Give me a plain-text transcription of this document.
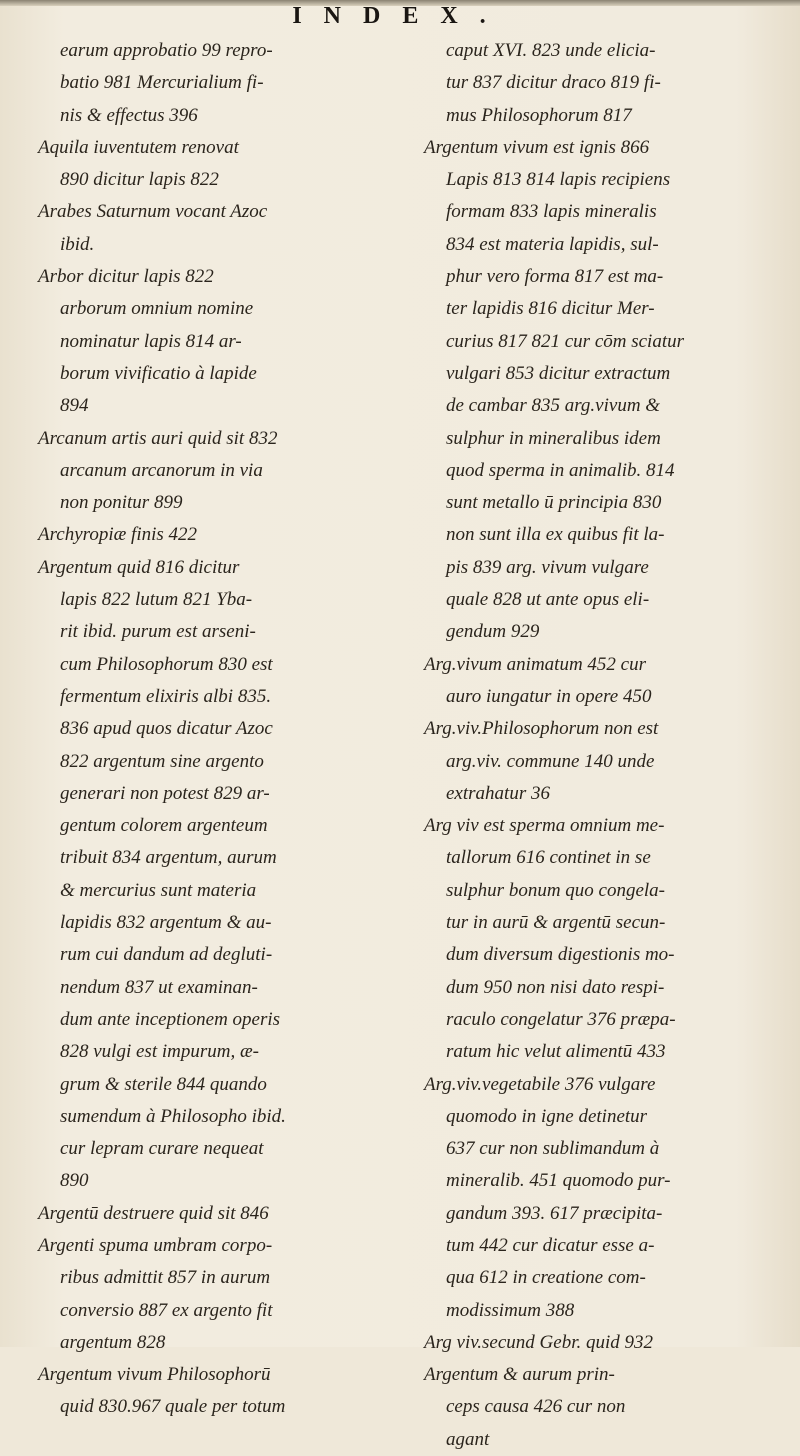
INDEX.
earum approbatio 99 repro-
batio 981 Mercurialium fi-
nis & effectus 396
Aquila iuventutem renovat
890 dicitur lapis 822
Arabes Saturnum vocant Azoc
ibid.
Arbor dicitur lapis 822
arborum omnium nomine
nominatur lapis 814 ar-
borum vivificatio à lapide
894
Arcanum artis auri quid sit 832
arcanum arcanorum in via
non ponitur 899
Archyropiæ finis 422
Argentum quid 816 dicitur
lapis 822 lutum 821 Yba-
rit ibid. purum est arseni-
cum Philosophorum 830 est
fermentum elixiris albi 835.
836 apud quos dicatur Azoc
822 argentum sine argento
generari non potest 829 ar-
gentum colorem argenteum
tribuit 834 argentum, aurum
& mercurius sunt materia
lapidis 832 argentum & au-
rum cui dandum ad degluti-
nendum 837 ut examinan-
dum ante inceptionem operis
828 vulgi est impurum, æ-
grum & sterile 844 quando
sumendum à Philosopho ibid.
cur lepram curare nequeat
890
Argentū destruere quid sit 846
Argenti spuma umbram corpo-
ribus admittit 857 in aurum
conversio 887 ex argento fit
argentum 828
Argentum vivum Philosophorū
quid 830.967 quale per totum
caput XVI. 823 unde elicia-
tur 837 dicitur draco 819 fi-
mus Philosophorum 817
Argentum vivum est ignis 866
Lapis 813 814 lapis recipiens
formam 833 lapis mineralis
834 est materia lapidis, sul-
phur vero forma 817 est ma-
ter lapidis 816 dicitur Mer-
curius 817 821 cur cōm sciatur
vulgari 853 dicitur extractum
de cambar 835 arg.vivum &
sulphur in mineralibus idem
quod sperma in animalib. 814
sunt metallo ū principia 830
non sunt illa ex quibus fit la-
pis 839 arg. vivum vulgare
quale 828 ut ante opus eli-
gendum 929
Arg.vivum animatum 452 cur
auro iungatur in opere 450
Arg.viv.Philosophorum non est
arg.viv. commune 140 unde
extrahatur 36
Arg viv est sperma omnium me-
tallorum 616 continet in se
sulphur bonum quo congela-
tur in aurū & argentū secun-
dum diversum digestionis mo-
dum 950 non nisi dato respi-
raculo congelatur 376 præpa-
ratum hic velut alimentū 433
Arg.viv.vegetabile 376 vulgare
quomodo in igne detinetur
637 cur non sublimandum à
mineralib. 451 quomodo pur-
gandum 393. 617 præcipita-
tum 442 cur dicatur esse a-
qua 612 in creatione com-
modissimum 388
Arg viv.secund Gebr. quid 932
Argentum & aurum prin-
ceps causa 426 cur non
agant
